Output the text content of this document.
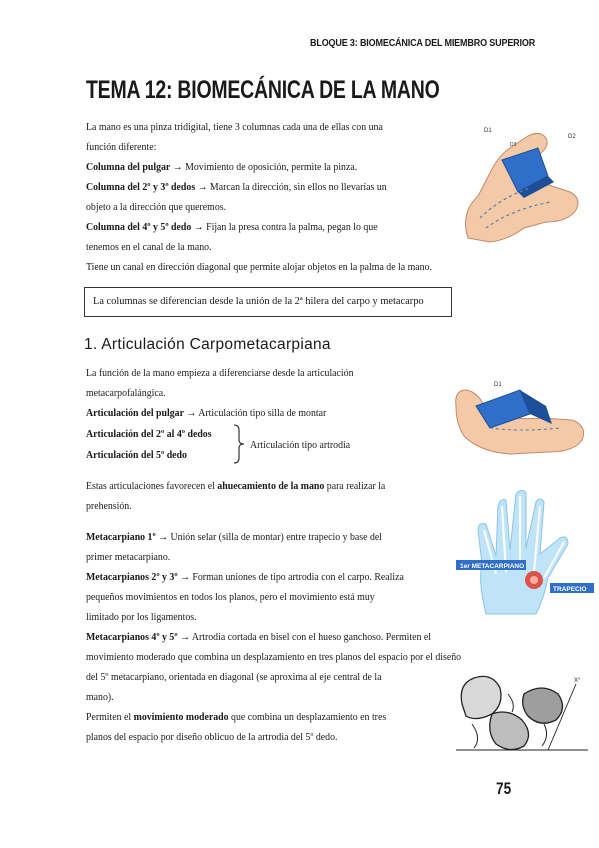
BLOQUE 3: BIOMECÁNICA DEL MIEMBRO SUPERIOR
TEMA 12: BIOMECÁNICA DE LA MANO
La mano es una pinza tridigital, tiene 3 columnas cada una de ellas con una
función diferente:
Columna del pulgar → Movimiento de oposición, permite la pinza.
Columna del 2º y 3º dedos → Marcan la dirección, sin ellos no llevarías un
objeto a la dirección que queremos.
Columna del 4º y 5º dedo → Fijan la presa contra la palma, pegan lo que
tenemos en el canal de la mano.
Tiene un canal en dirección diagonal que permite alojar objetos en la palma de la mano.
La columnas se diferencian desde la unión de la 2ª hilera del carpo y metacarpo
1. Articulación Carpometacarpiana
La función de la mano empieza a diferenciarse desde la articulación
metacarpofalángica.
Articulación del pulgar → Articulación tipo silla de montar
Articulación del 2º al 4º dedos
Articulación del 5º dedo
Articulación tipo artrodia
Estas articulaciones favorecen el ahuecamiento de la mano para realizar la
prehensión.
Metacarpiano 1º → Unión selar (silla de montar) entre trapecio y base del
primer metacarpiano.
Metacarpianos 2º y 3º → Forman uniones de tipo artrodia con el carpo. Realiza
pequeños movimientos en todos los planos, pero el movimiento está muy
limitado por los ligamentos.
Metacarpianos 4º y 5º → Artrodia cortada en bisel con el hueso ganchoso. Permiten el
movimiento moderado que combina un desplazamiento en tres planos del espacio por el diseño
del 5º metacarpiano, orientada en diagonal (se aproxima al eje central de la
mano).
Permiten el movimiento moderado que combina un desplazamiento en tres
planos del espacio por diseño oblicuo de la artrodia del 5º dedo.
D1
D2
D3
D1
1er METACARPIANO
TRAPECIO
X°
75
